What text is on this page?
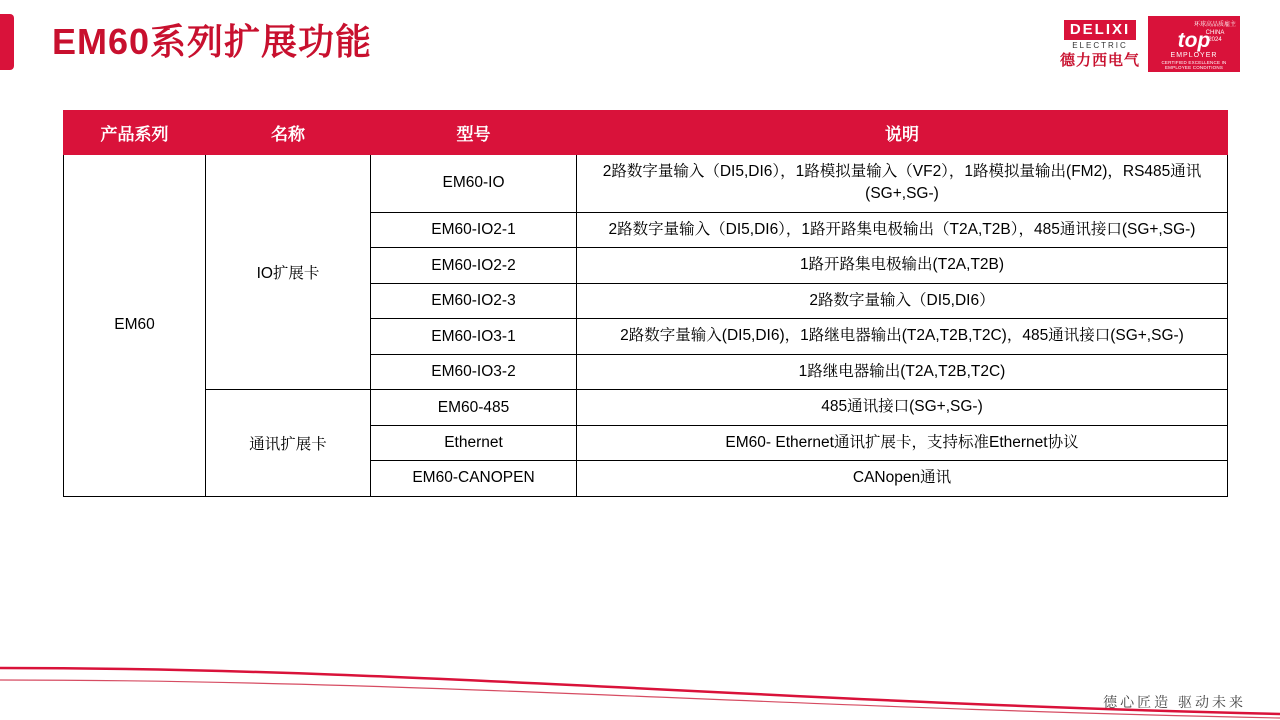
EM60系列扩展功能	DELIXI
ELECTRIC
德力西电气
top
EMPLOYER
环球高品质雇主
CHINA
2024
CERTIFIED EXCELLENCE IN EMPLOYEE CONDITIONS
产品系列	名称	型号	说明
EM60	IO扩展卡	EM60-IO	2路数字量输入（DI5,DI6），1路模拟量输入（VF2），1路模拟量输出(FM2)，RS485通讯(SG+,SG-)
		EM60-IO2-1	2路数字量输入（DI5,DI6），1路开路集电极输出（T2A,T2B），485通讯接口(SG+,SG-)
		EM60-IO2-2	1路开路集电极输出(T2A,T2B)
		EM60-IO2-3	2路数字量输入（DI5,DI6）
		EM60-IO3-1	2路数字量输入(DI5,DI6)，1路继电器输出(T2A,T2B,T2C)，485通讯接口(SG+,SG-)
		EM60-IO3-2	1路继电器输出(T2A,T2B,T2C)
	通讯扩展卡	EM60-485	485通讯接口(SG+,SG-)
		Ethernet	EM60- Ethernet通讯扩展卡，支持标准Ethernet协议
		EM60-CANOPEN	CANopen通讯
德心匠造 驱动未来
